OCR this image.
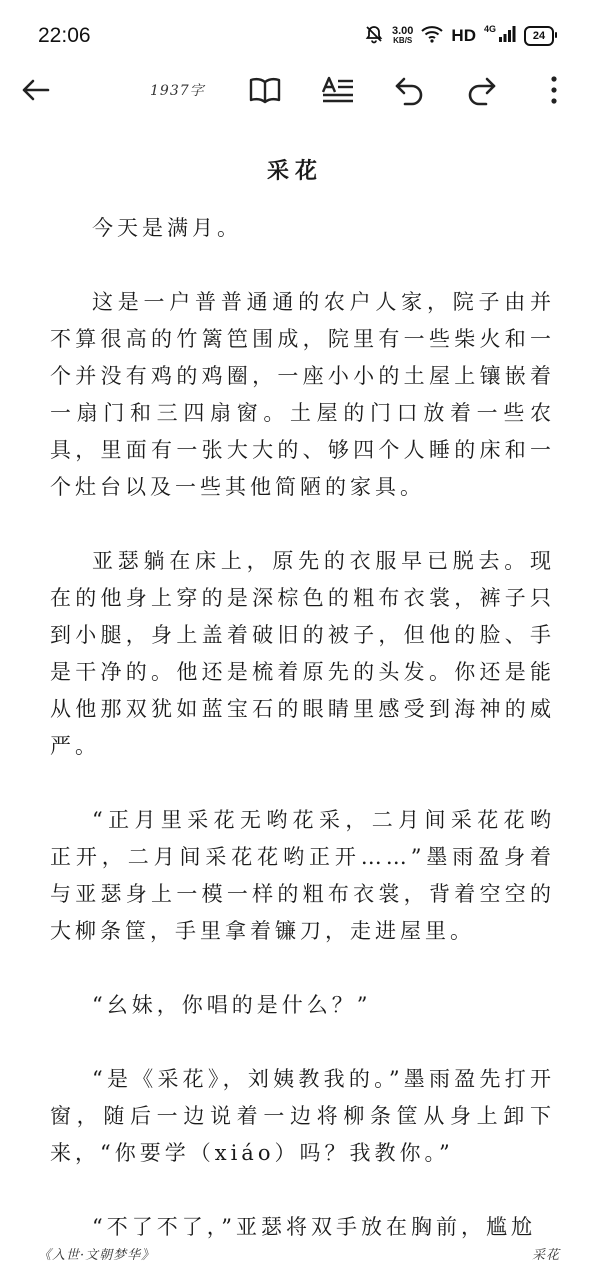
22:06	3.00
KB/S HD 4G
24
1937字
采花

今天是满月。

这是一户普普通通的农户人家，院子由并不算很高的竹篱笆围成，院里有一些柴火和一个并没有鸡的鸡圈，一座小小的土屋上镶嵌着一扇门和三四扇窗。土屋的门口放着一些农具，里面有一张大大的、够四个人睡的床和一个灶台以及一些其他简陋的家具。

亚瑟躺在床上，原先的衣服早已脱去。现在的他身上穿的是深棕色的粗布衣裳，裤子只到小腿，身上盖着破旧的被子，但他的脸、手是干净的。他还是梳着原先的头发。你还是能从他那双犹如蓝宝石的眼睛里感受到海神的威严。

“正月里采花无哟花采，二月间采花花哟正开，二月间采花花哟正开……”墨雨盈身着与亚瑟身上一模一样的粗布衣裳，背着空空的大柳条筐，手里拿着镰刀，走进屋里。

“幺妹，你唱的是什么？”

“是《采花》，刘姨教我的。”墨雨盈先打开窗，随后一边说着一边将柳条筐从身上卸下来，“你要学（xiáo）吗？我教你。”

“不了不了，”亚瑟将双手放在胸前，尴尬

《入世·文朝梦华》	采花
